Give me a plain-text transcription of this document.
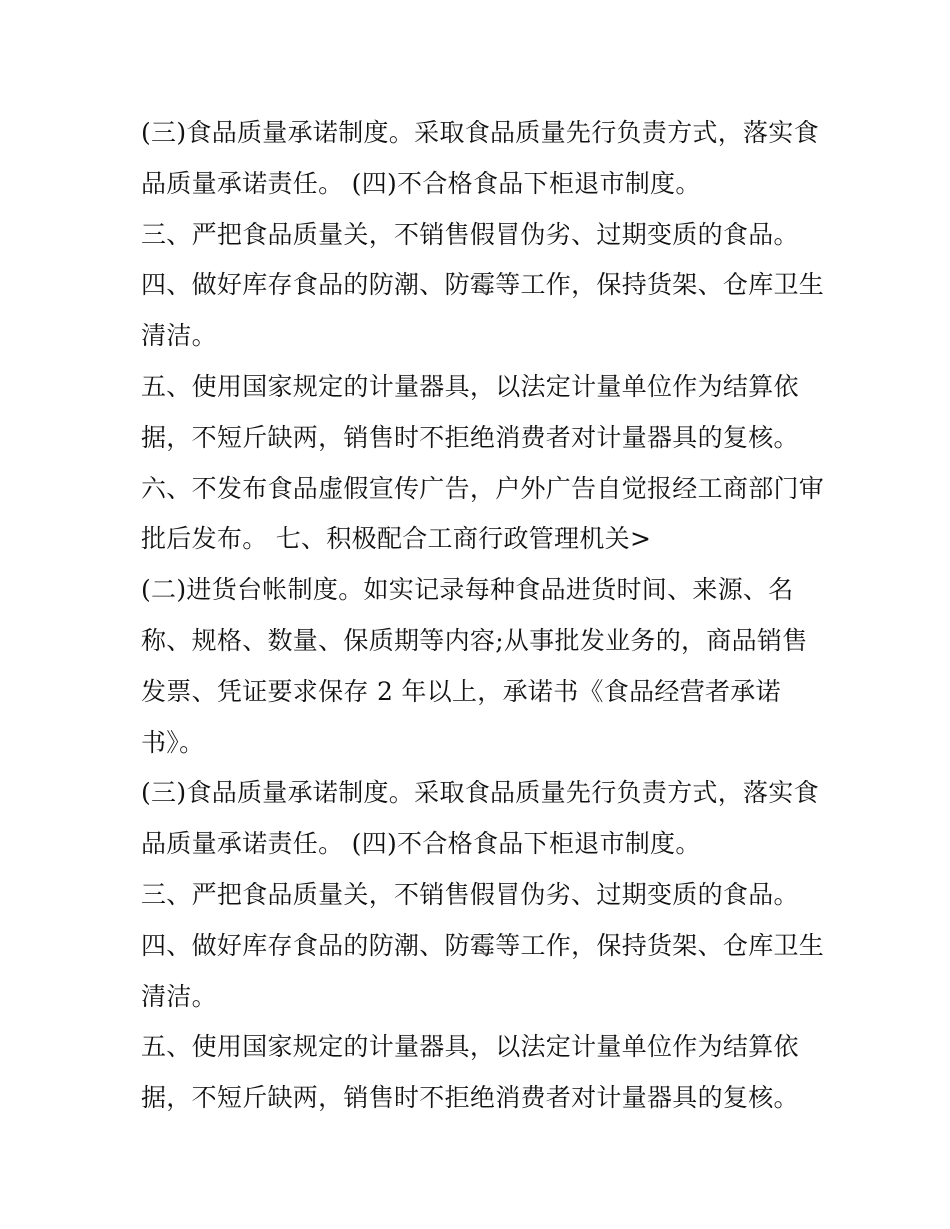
(三)食品质量承诺制度。采取食品质量先行负责方式，落实食
品质量承诺责任。 (四)不合格食品下柜退市制度。
三、严把食品质量关，不销售假冒伪劣、过期变质的食品。
四、做好库存食品的防潮、防霉等工作，保持货架、仓库卫生
清洁。
五、使用国家规定的计量器具，以法定计量单位作为结算依
据，不短斤缺两，销售时不拒绝消费者对计量器具的复核。
六、不发布食品虚假宣传广告，户外广告自觉报经工商部门审
批后发布。 七、积极配合工商行政管理机关>
(二)进货台帐制度。如实记录每种食品进货时间、来源、名
称、规格、数量、保质期等内容;从事批发业务的，商品销售
发票、凭证要求保存 2 年以上，承诺书《食品经营者承诺
书》。
(三)食品质量承诺制度。采取食品质量先行负责方式，落实食
品质量承诺责任。 (四)不合格食品下柜退市制度。
三、严把食品质量关，不销售假冒伪劣、过期变质的食品。
四、做好库存食品的防潮、防霉等工作，保持货架、仓库卫生
清洁。
五、使用国家规定的计量器具，以法定计量单位作为结算依
据，不短斤缺两，销售时不拒绝消费者对计量器具的复核。
